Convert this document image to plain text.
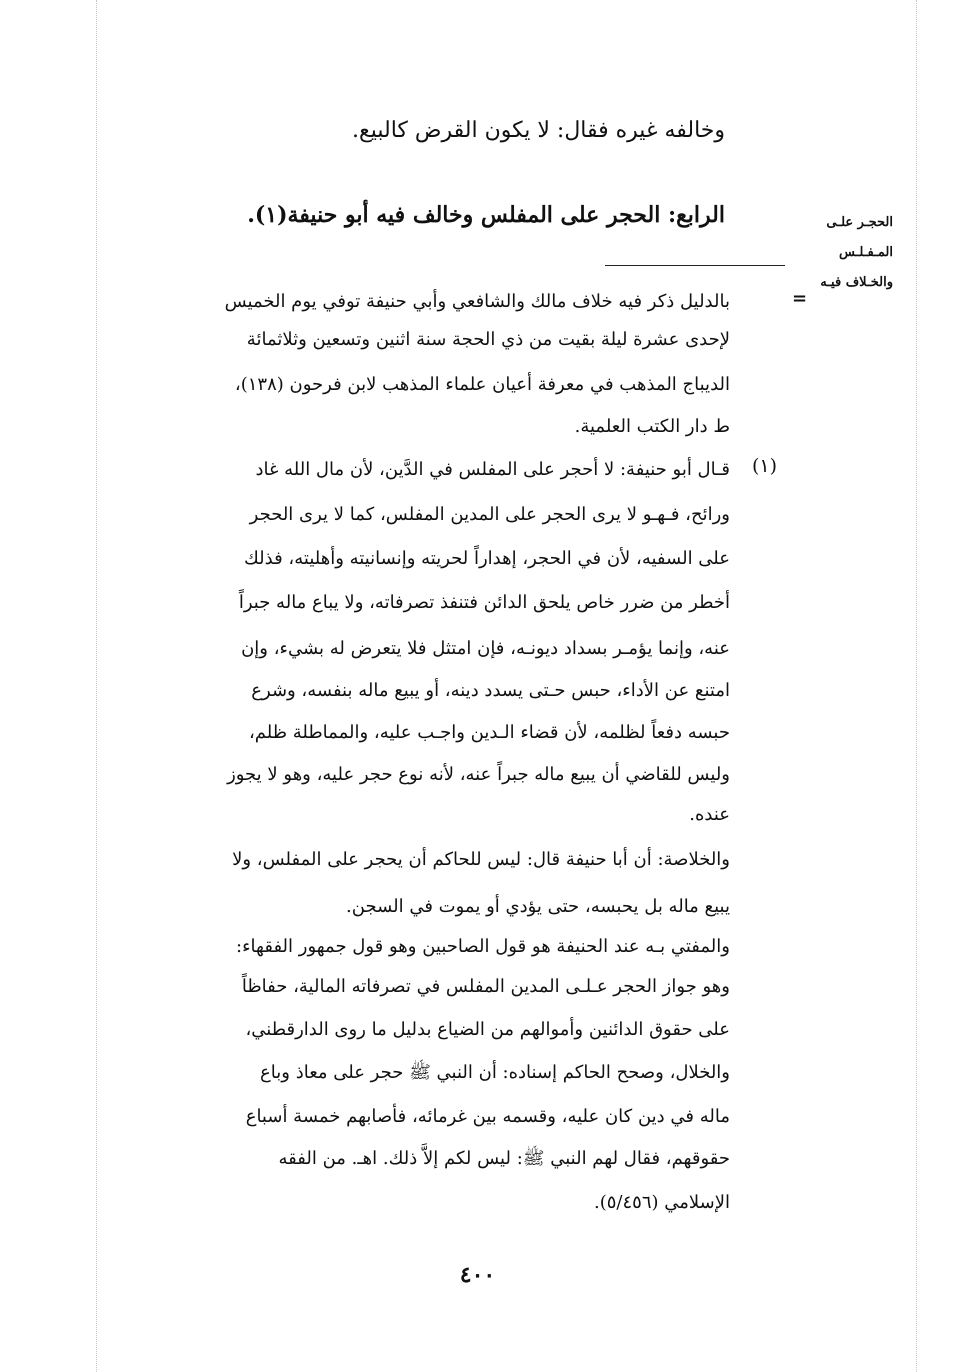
وخالفه غيره فقال: لا يكون القرض كالبيع.
الرابع: الحجر على المفلس وخالف فيه أبو حنيفة(١).	الحجـر علـى
المـفـلـس
والخـلاف فيـه
=
بالدليل ذكر فيه خلاف مالك والشافعي وأبي حنيفة توفي يوم الخميس
لإحدى عشرة ليلة بقيت من ذي الحجة سنة اثنين وتسعين وثلاثمائة
الديباج المذهب في معرفة أعيان علماء المذهب لابن فرحون (١٣٨)،
ط دار الكتب العلمية.
(١)
قـال أبو حنيفة: لا أحجر على المفلس في الدَّين، لأن مال الله غاد
ورائح، فـهـو لا يرى الحجر على المدين المفلس، كما لا يرى الحجر
على السفيه، لأن في الحجر، إهداراً لحريته وإنسانيته وأهليته، فذلك
أخطر من ضرر خاص يلحق الدائن فتنفذ تصرفاته، ولا يباع ماله جبراً
عنه، وإنما يؤمـر بسداد ديونـه، فإن امتثل فلا يتعرض له بشيء، وإن
امتنع عن الأداء، حبس حـتى يسدد دينه، أو يبيع ماله بنفسه، وشرع
حبسه دفعاً لظلمه، لأن قضاء الـدين واجـب عليه، والمماطلة ظلم،
وليس للقاضي أن يبيع ماله جبراً عنه، لأنه نوع حجر عليه، وهو لا يجوز
عنده.
والخلاصة: أن أبا حنيفة قال: ليس للحاكم أن يحجر على المفلس، ولا
يبيع ماله بل يحبسه، حتى يؤدي أو يموت في السجن.
والمفتي بـه عند الحنيفة هو قول الصاحبين وهو قول جمهور الفقهاء:
وهو جواز الحجر عـلـى المدين المفلس في تصرفاته المالية، حفاظاً
على حقوق الدائنين وأموالهم من الضياع بدليل ما روى الدارقطني،
والخلال، وصحح الحاكم إسناده: أن النبي ﷺ حجر على معاذ وباع
ماله في دين كان عليه، وقسمه بين غرمائه، فأصابهم خمسة أسباع
حقوقهم، فقال لهم النبي ﷺ: ليس لكم إلاَّ ذلك. اهـ. من الفقه
الإسلامي (٥/٤٥٦).
٤٠٠
